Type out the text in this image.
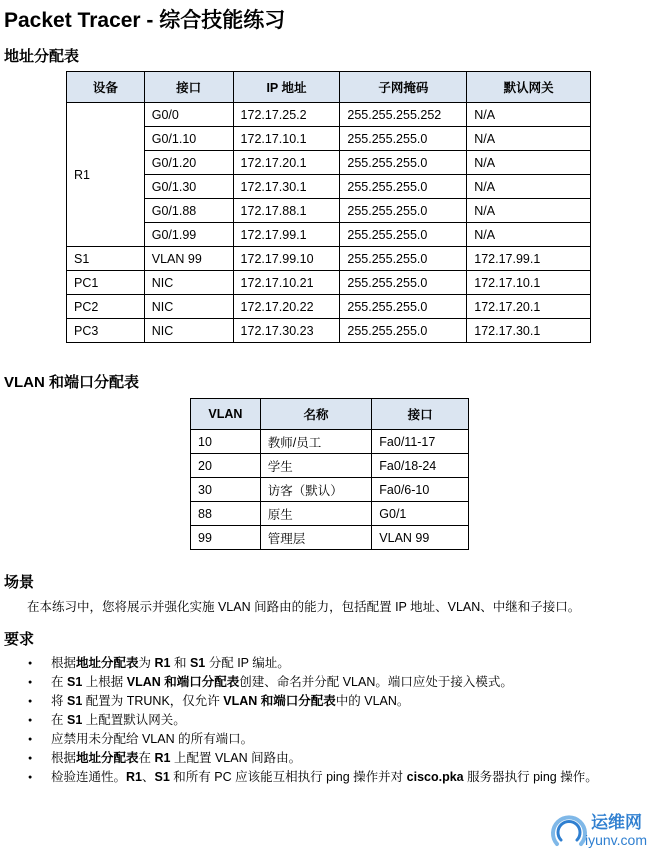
Packet Tracer - 综合技能练习
地址分配表
设备	接口	IP 地址	子网掩码	默认网关
R1	G0/0	172.17.25.2	255.255.255.252	N/A
	G0/1.10	172.17.10.1	255.255.255.0	N/A
	G0/1.20	172.17.20.1	255.255.255.0	N/A
	G0/1.30	172.17.30.1	255.255.255.0	N/A
	G0/1.88	172.17.88.1	255.255.255.0	N/A
	G0/1.99	172.17.99.1	255.255.255.0	N/A
S1	VLAN 99	172.17.99.10	255.255.255.0	172.17.99.1
PC1	NIC	172.17.10.21	255.255.255.0	172.17.10.1
PC2	NIC	172.17.20.22	255.255.255.0	172.17.20.1
PC3	NIC	172.17.30.23	255.255.255.0	172.17.30.1
VLAN 和端口分配表
VLAN	名称	接口
10	教师/员工	Fa0/11-17
20	学生	Fa0/18-24
30	访客（默认）	Fa0/6-10
88	原生	G0/1
99	管理层	VLAN 99
场景
在本练习中，您将展示并强化实施 VLAN 间路由的能力，包括配置 IP 地址、VLAN、中继和子接口。
要求
● 根据地址分配表为 R1 和 S1 分配 IP 编址。
● 在 S1 上根据 VLAN 和端口分配表创建、命名并分配 VLAN。端口应处于接入模式。
● 将 S1 配置为 TRUNK，仅允许 VLAN 和端口分配表中的 VLAN。
● 在 S1 上配置默认网关。
● 应禁用未分配给 VLAN 的所有端口。
● 根据地址分配表在 R1 上配置 VLAN 间路由。
● 检验连通性。R1、S1 和所有 PC 应该能互相执行 ping 操作并对 cisco.pka 服务器执行 ping 操作。
运维网
iyunv.com
